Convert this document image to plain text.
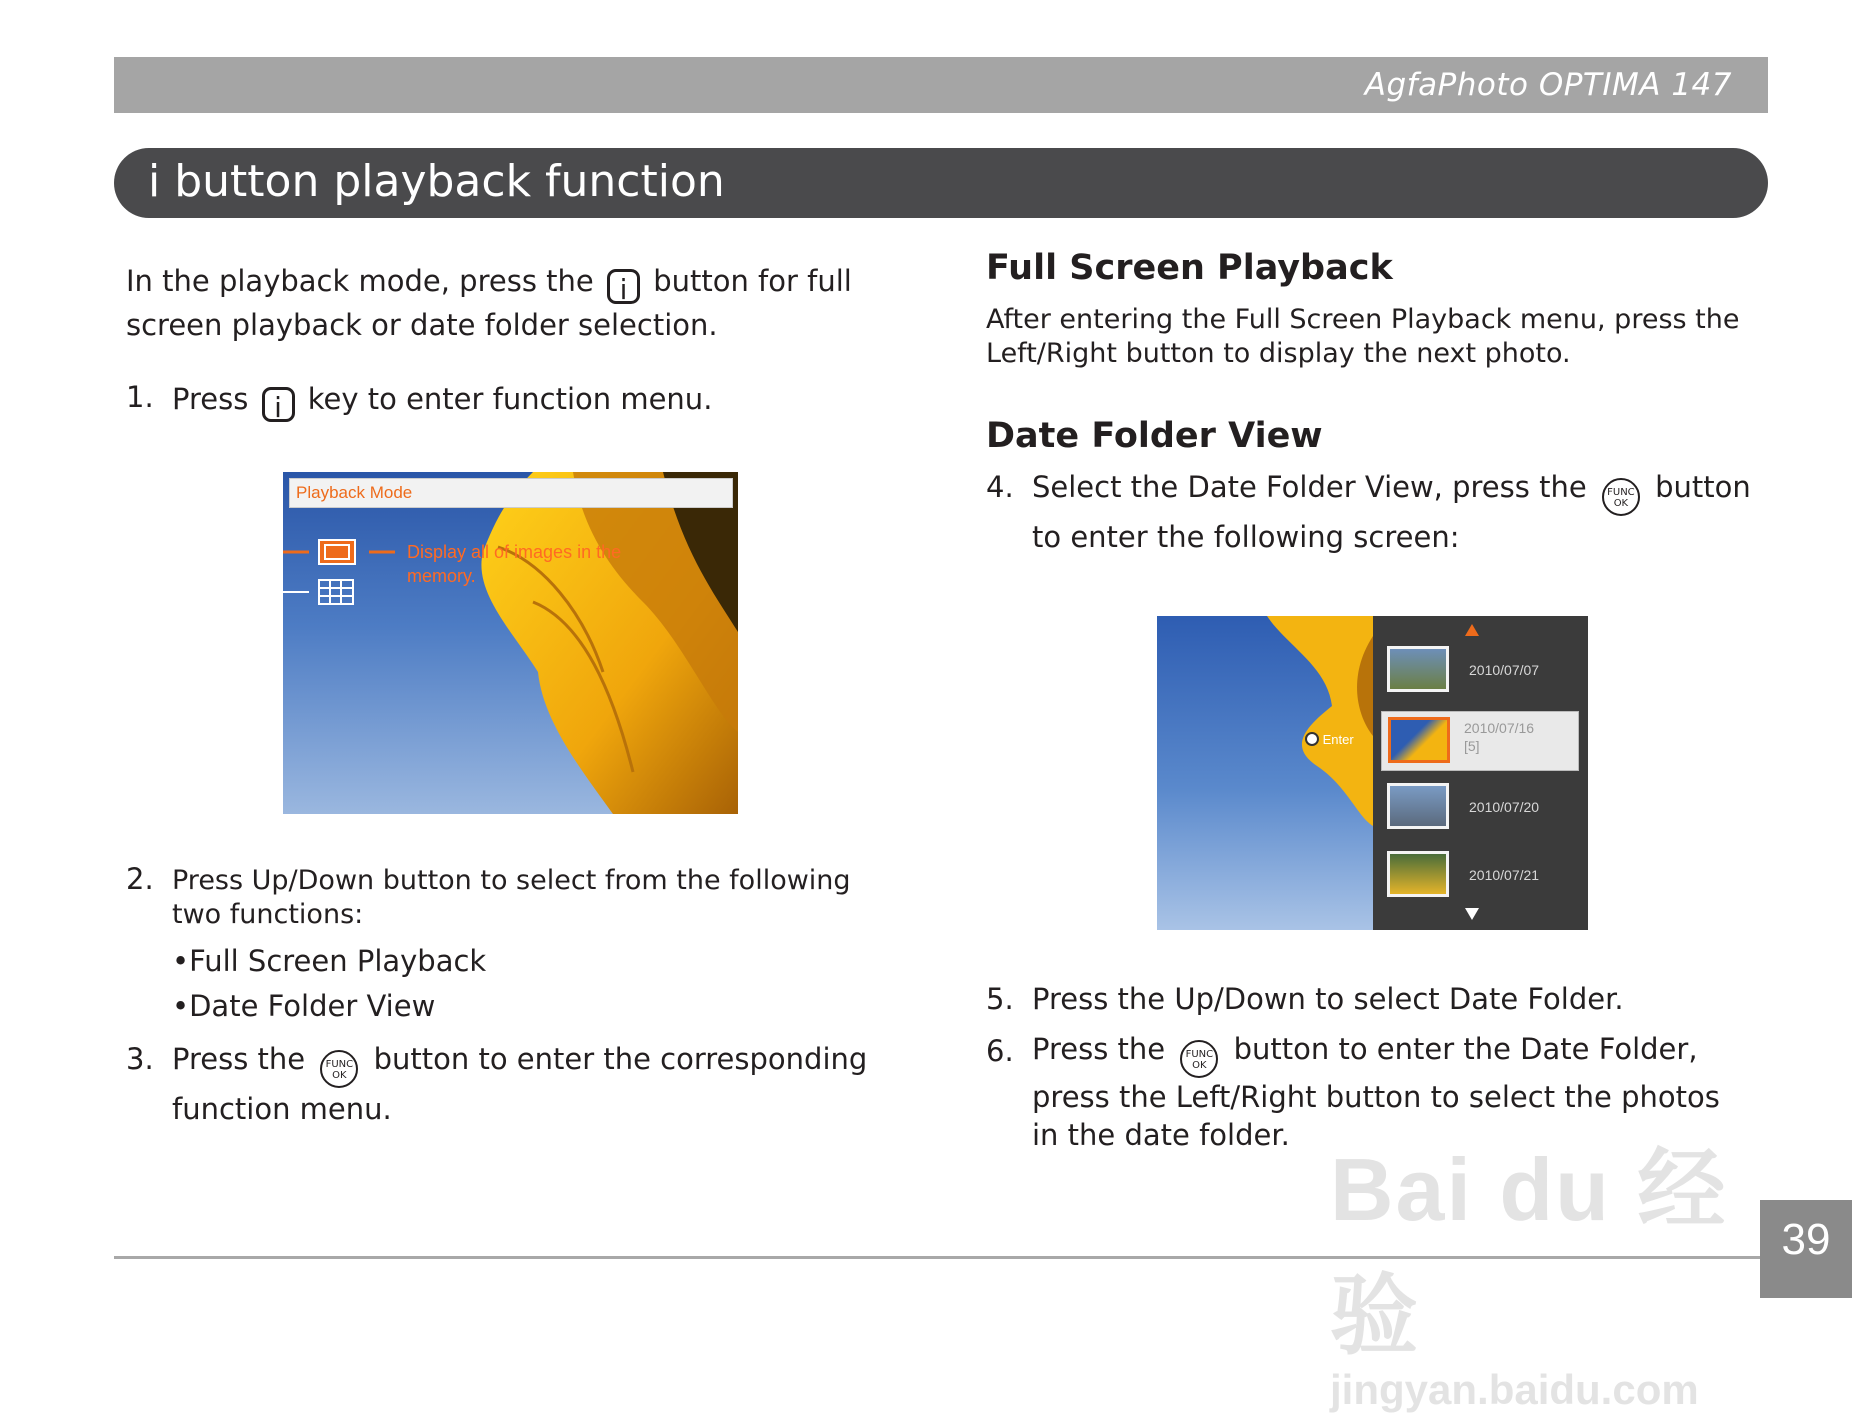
AgfaPhoto OPTIMA 147
i button playback function
In the playback mode, press the i button for full screen playback or date folder selection.
1. Press i key to enter function menu.
Playback Mode
Display all of images in the memory.
2. Press Up/Down button to select from the following two functions:
•Full Screen Playback
•Date Folder View
3. Press the FUNC
OK button to enter the corresponding function menu.
Full Screen Playback
After entering the Full Screen Playback menu, press the Left/Right button to display the next photo.
Date Folder View
4. Select the Date Folder View, press the FUNC
OK button to enter the following screen:
Enter
2010/07/07
2010/07/16
[5]
2010/07/20
2010/07/21
5. Press the Up/Down to select Date Folder.
6. Press the FUNC
OK button to enter the Date Folder, press the Left/Right button to select the photos in the date folder.
Bai du 经验
jingyan.baidu.com
39
